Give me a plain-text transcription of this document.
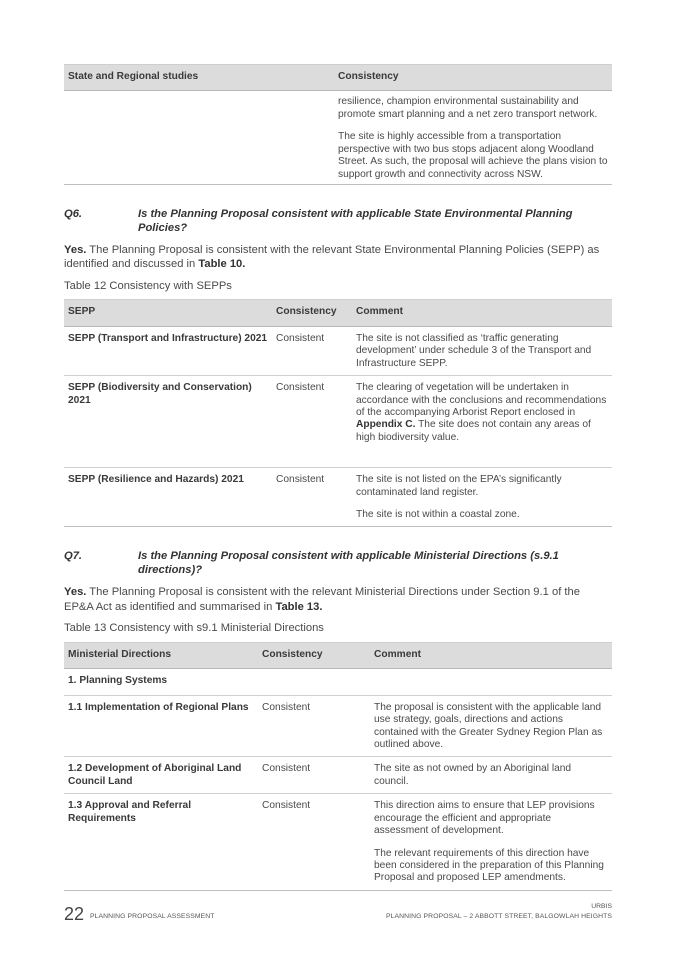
State and Regional studies	Consistency

	resilience, champion environmental sustainability and promote smart planning and a net zero transport network.

The site is highly accessible from a transportation perspective with two bus stops adjacent along Woodland Street. As such, the proposal will achieve the plans vision to support growth and connectivity across NSW.

Q6.	Is the Planning Proposal consistent with applicable State Environmental Planning Policies?

Yes. The Planning Proposal is consistent with the relevant State Environmental Planning Policies (SEPP) as identified and discussed in Table 10.

Table 12 Consistency with SEPPs

SEPP	Consistency	Comment
SEPP (Transport and Infrastructure) 2021	Consistent	The site is not classified as ‘traffic generating development’ under schedule 3 of the Transport and Infrastructure SEPP.

SEPP (Biodiversity and Conservation) 2021	Consistent	The clearing of vegetation will be undertaken in accordance with the conclusions and recommendations of the accompanying Arborist Report enclosed in Appendix C. The site does not contain any areas of high biodiversity value.

SEPP (Resilience and Hazards) 2021	Consistent	The site is not listed on the EPA’s significantly contaminated land register.

The site is not within a coastal zone.

Q7.	Is the Planning Proposal consistent with applicable Ministerial Directions (s.9.1 directions)?

Yes. The Planning Proposal is consistent with the relevant Ministerial Directions under Section 9.1 of the EP&A Act as identified and summarised in Table 13.

Table 13 Consistency with s9.1 Ministerial Directions

Ministerial Directions	Consistency	Comment
1. Planning Systems		
1.1 Implementation of Regional Plans	Consistent	The proposal is consistent with the applicable land use strategy, goals, directions and actions contained with the Greater Sydney Region Plan as outlined above.

1.2 Development of Aboriginal Land Council Land	Consistent	The site as not owned by an Aboriginal land council.

1.3 Approval and Referral Requirements	Consistent	This direction aims to ensure that LEP provisions encourage the efficient and appropriate assessment of development.

The relevant requirements of this direction have been considered in the preparation of this Planning Proposal and proposed LEP amendments.

22 PLANNING PROPOSAL ASSESSMENT
URBIS
PLANNING PROPOSAL – 2 ABBOTT STREET, BALGOWLAH HEIGHTS
